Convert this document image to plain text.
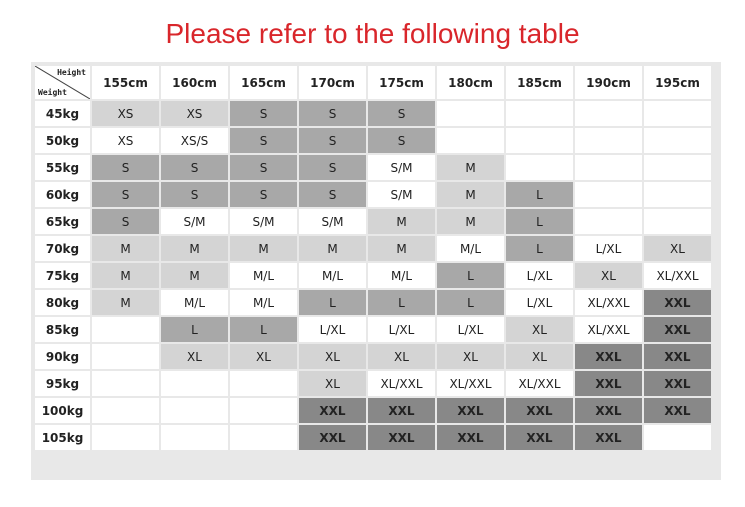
Please refer to the following table
Height
Weight	155cm	160cm	165cm	170cm	175cm	180cm	185cm	190cm	195cm
45kg	XS	XS	S	S	S				
50kg	XS	XS/S	S	S	S				
55kg	S	S	S	S	S/M	M			
60kg	S	S	S	S	S/M	M	L		
65kg	S	S/M	S/M	S/M	M	M	L		
70kg	M	M	M	M	M	M/L	L	L/XL	XL
75kg	M	M	M/L	M/L	M/L	L	L/XL	XL	XL/XXL
80kg	M	M/L	M/L	L	L	L	L/XL	XL/XXL	XXL
85kg		L	L	L/XL	L/XL	L/XL	XL	XL/XXL	XXL
90kg		XL	XL	XL	XL	XL	XL	XXL	XXL
95kg				XL	XL/XXL	XL/XXL	XL/XXL	XXL	XXL
100kg				XXL	XXL	XXL	XXL	XXL	XXL
105kg				XXL	XXL	XXL	XXL	XXL	
